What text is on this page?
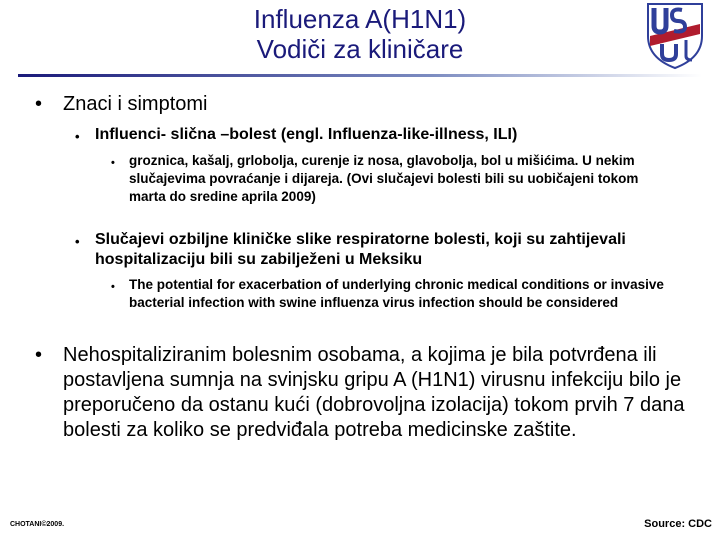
Influenza A(H1N1)
Vodiči za kliničare
•	Znaci i simptomi
• Influenci- slična –bolest (engl. Influenza-like-illness, ILI)
•	groznica, kašalj, grlobolja, curenje iz nosa, glavobolja, bol u mišićima. U nekim slučajevima povraćanje i dijareja. (Ovi slučajevi bolesti bili su uobičajeni tokom marta do sredine aprila 2009)
• Slučajevi ozbiljne kliničke slike respiratorne bolesti, koji su zahtijevali hospitalizaciju bili su zabilježeni u Meksiku
•	The potential for exacerbation of underlying chronic medical conditions or invasive bacterial infection with swine influenza virus infection should be considered
•	Nehospitaliziranim bolesnim osobama, a kojima je bila potvrđena ili postavljena sumnja na svinjsku gripu A (H1N1) virusnu infekciju bilo je preporučeno da ostanu kući (dobrovoljna izolacija) tokom prvih 7 dana bolesti za koliko se predviđala potreba medicinske zaštite.
CHOTANI©2009.	Source: CDC
